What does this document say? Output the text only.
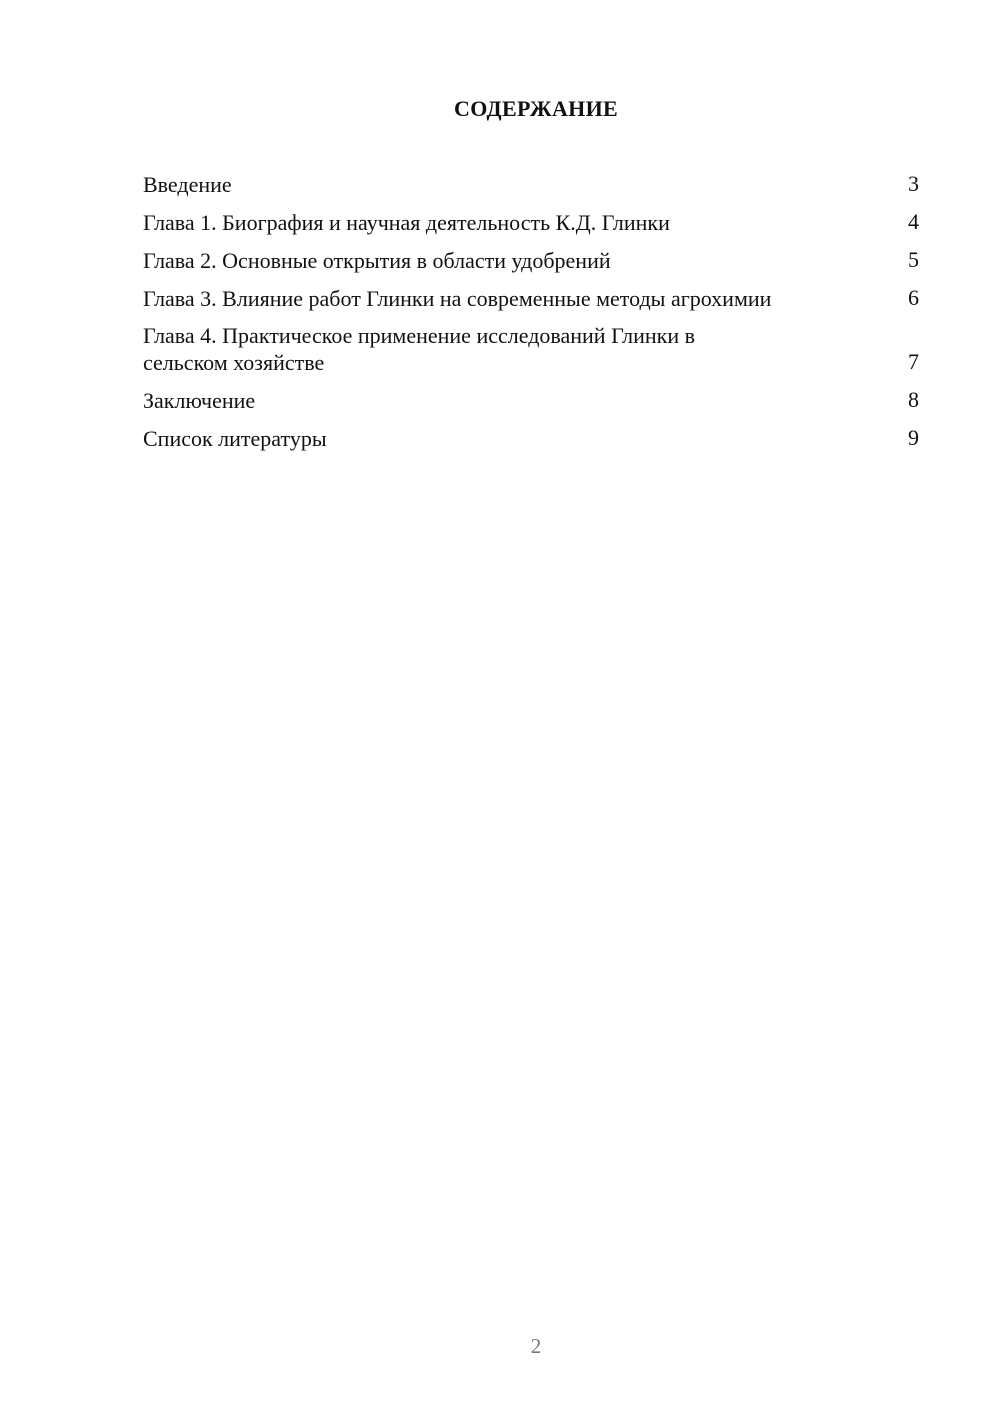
СОДЕРЖАНИЕ
Введение	3
Глава 1. Биография и научная деятельность К.Д. Глинки	4
Глава 2. Основные открытия в области удобрений	5
Глава 3. Влияние работ Глинки на современные методы агрохимии	6
Глава 4. Практическое применение исследований Глинки в сельском хозяйстве	7
Заключение	8
Список литературы	9
2
